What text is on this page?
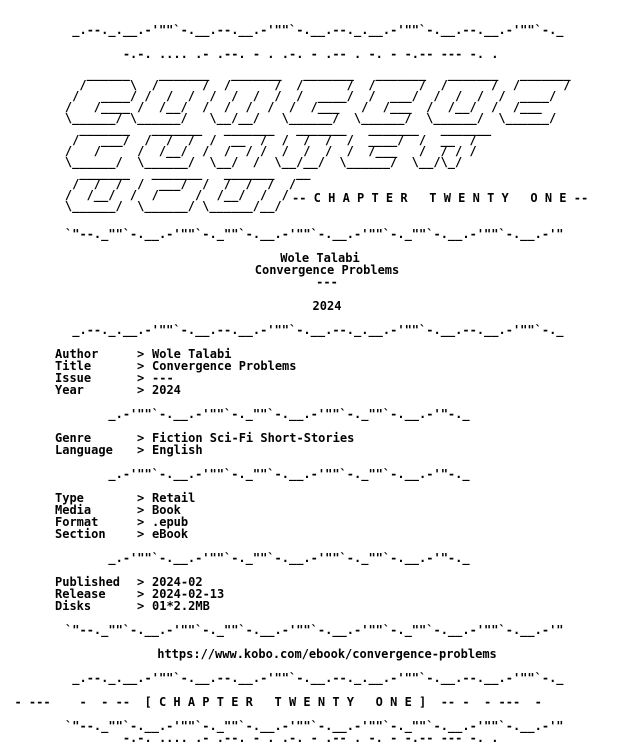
_.--._.__.-'""`-.__.--.__.-'""`-.__.--._.__.-'""`-.__.--.__.-'""`-._
-.-. .... .- .--. - . .-. - .-- . -. - -.-- --- -. .
______    _______   _______   _______   _______   _______   _______
/      \  /      /  /      /  /      /  /      /  /      /  /      /
/   ____/ /  /  /  /  /  /  /  /  ____/  /  ___/  /  /  /  /  ____/
/   /____ /  /__/  /  /  /  /  /  /___   /  /___  /  /__/  /  /___
\______/ \______/   \__/__/   \______/  \______/  \______/  \______/
_______   _______   _______   _______   _______   _______
/   ___/  /  /  /  /  __  /  /  /  /  /  ____/  /  __  /
/   /     /  /__/  /  /  / /  /  /  /  /  /___   /  / / /
\______/  \______/  \__/  /  \__/__/  \______/  \__/\_/
_______   _______   _______   __
/  /  /  /  ___/  /  /  /  /  /
/  /__/  /  /     /  /__/  /  /
\______/  \______/ \______/__/
-- C H A P T E R   T W E N T Y   O N E --
`"--._""`-.__.-'""`-._""`-.__.-'""`-.__.-'""`-._""`-.__.-'""`-.__.-'"
Wole Talabi
Convergence Problems
---
2024
_.--._.__.-'""`-.__.--.__.-'""`-.__.--._.__.-'""`-.__.--.__.-'""`-._
Author	> Wole Talabi
Title	> Convergence Problems
Issue	> ---
Year	> 2024
_.-'""`-.__.-'""`-._""`-.__.-'""`-._""`-.__.-'"-._
Genre	> Fiction Sci-Fi Short-Stories
Language > English
_.-'""`-.__.-'""`-._""`-.__.-'""`-._""`-.__.-'"-._
Type	> Retail
Media	> Book
Format	> .epub
Section	> eBook
_.-'""`-.__.-'""`-._""`-.__.-'""`-._""`-.__.-'"-._
Published > 2024-02
Release	> 2024-02-13
Disks	> 01*2.2MB
`"--._""`-.__.-'""`-._""`-.__.-'""`-.__.-'""`-._""`-.__.-'""`-.__.-'"
https://www.kobo.com/ebook/convergence-problems
_.--._.__.-'""`-.__.--.__.-'""`-.__.--._.__.-'""`-.__.--.__.-'""`-._
- ---    -  - --  [ C H A P T E R   T W E N T Y   O N E ]  -- -  - ---  -
`"--._""`-.__.-'""`-._""`-.__.-'""`-.__.-'""`-._""`-.__.-'""`-.__.-'"
-.-. .... .- .--. - . .-. - .-- . -. - -.-- --- -. .
